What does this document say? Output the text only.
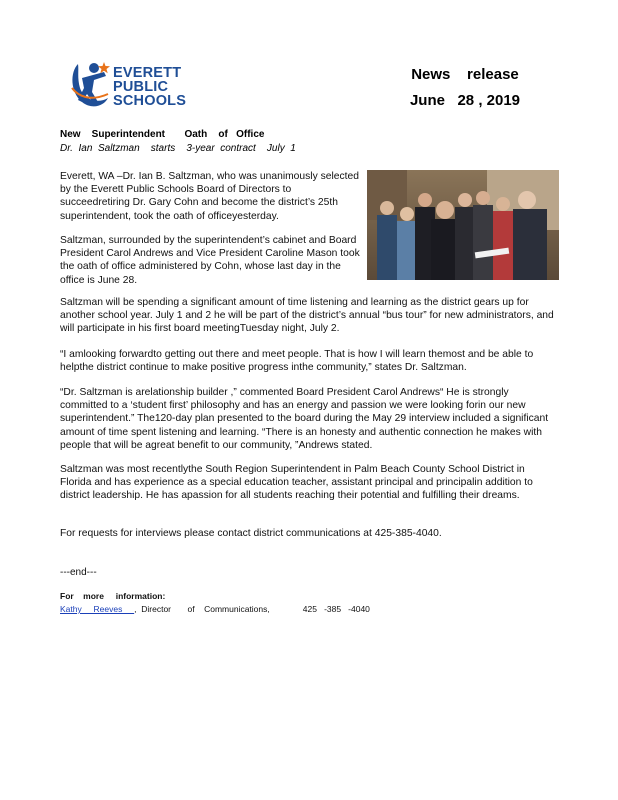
EVERETT
PUBLIC
SCHOOLS
News    release
June   28 , 2019
New    Superintendent       Oath    of   Office
Dr.  Ian  Saltzman    starts    3-year  contract    July  1
Everett, WA –Dr. Ian B. Saltzman, who was unanimously selected by the Everett Public Schools Board of Directors to succeedretiring Dr. Gary Cohn and become the district’s 25th superintendent, took the oath of officeyesterday.
Saltzman, surrounded by the superintendent’s cabinet and Board President Carol Andrews and Vice President Caroline Mason took the oath of office administered by Cohn, whose last day in the office is June 28.
Saltzman will be spending a significant amount of time listening and learning as the district gears up for another school year. July 1 and 2 he will be part of the district’s annual “bus tour” for new administrators, and will participate in his first board meetingTuesday night, July 2.
“I amlooking forwardto getting out there and meet people. That is how I will learn themost and be able to helpthe district continue to make positive progress inthe community,” states Dr. Saltzman.
“Dr. Saltzman is arelationship builder ,” commented Board President Carol Andrews“ He is strongly committed to a ‘student first’ philosophy and has an energy and passion we were looking forin our new superintendent.” The120-day plan presented to the board during the May 29 interview included a significant amount of time spent listening and learning. “There is an honesty and authentic connection he makes with people that will be agreat benefit to our community, ”Andrews stated.
Saltzman was most recentlythe South Region Superintendent in Palm Beach County School District in Florida and has experience as a special education teacher, assistant principal and principalin addition to district leadership. He has apassion for all students reaching their potential and fulfilling their dreams.
For requests for interviews please contact district communications at 425-385-4040.
---end---
For    more     information:
Kathy     Reeves     ,  Director       of    Communications,              425   -385   -4040
